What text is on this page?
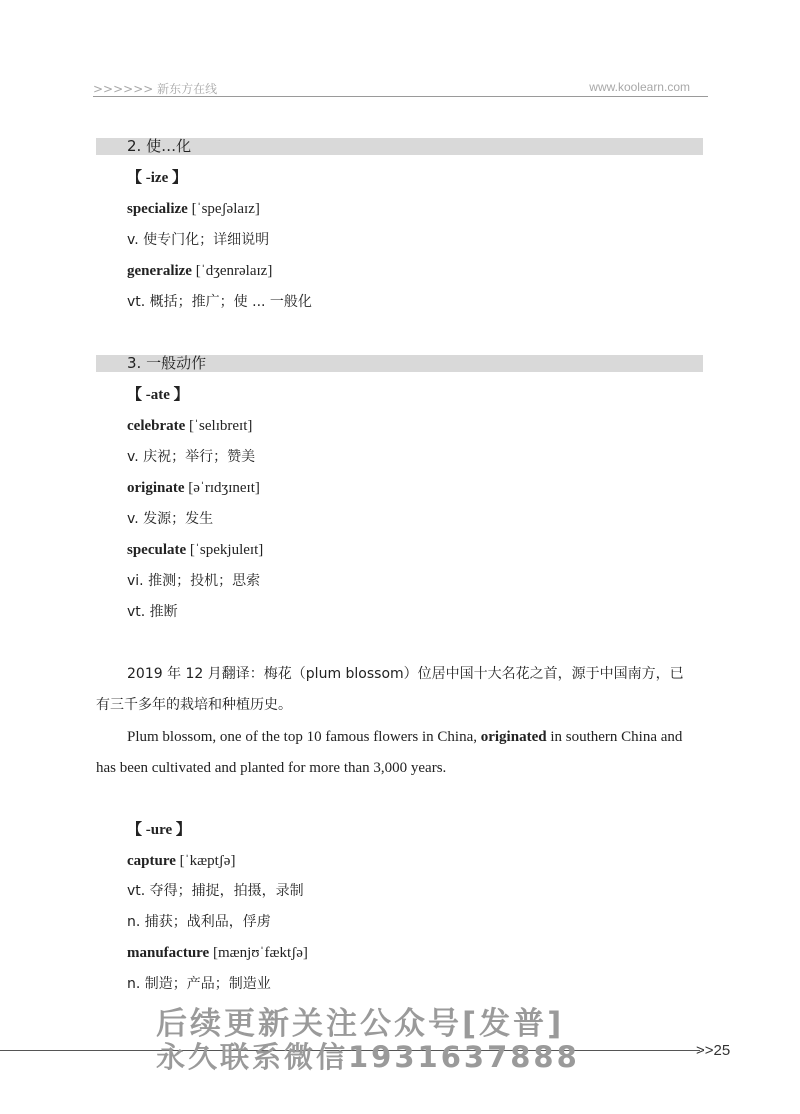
>>>>>> 新东方在线	www.koolearn.com
2. 使…化
【 -ize 】
specialize [ˈspeʃəlaɪz]
v. 使专门化；详细说明
generalize [ˈdʒenrəlaɪz]
vt. 概括；推广；使 ... 一般化
3. 一般动作
【 -ate 】
celebrate [ˈselɪbreɪt]
v. 庆祝；举行；赞美
originate [əˈrɪdʒɪneɪt]
v. 发源；发生
speculate [ˈspekjuleɪt]
vi. 推测；投机；思索
vt. 推断
2019 年 12 月翻译：梅花（plum blossom）位居中国十大名花之首，源于中国南方，已
有三千多年的栽培和种植历史。
Plum blossom, one of the top 10 famous flowers in China, originated in southern China and
has been cultivated and planted for more than 3,000 years.
【 -ure 】
capture [ˈkæptʃə]
vt. 夺得；捕捉，拍摄，录制
n. 捕获；战利品，俘虏
manufacture [mænjʊˈfæktʃə]
n. 制造；产品；制造业
后续更新关注公众号[发普]
永久联系微信1931637888	>>25
